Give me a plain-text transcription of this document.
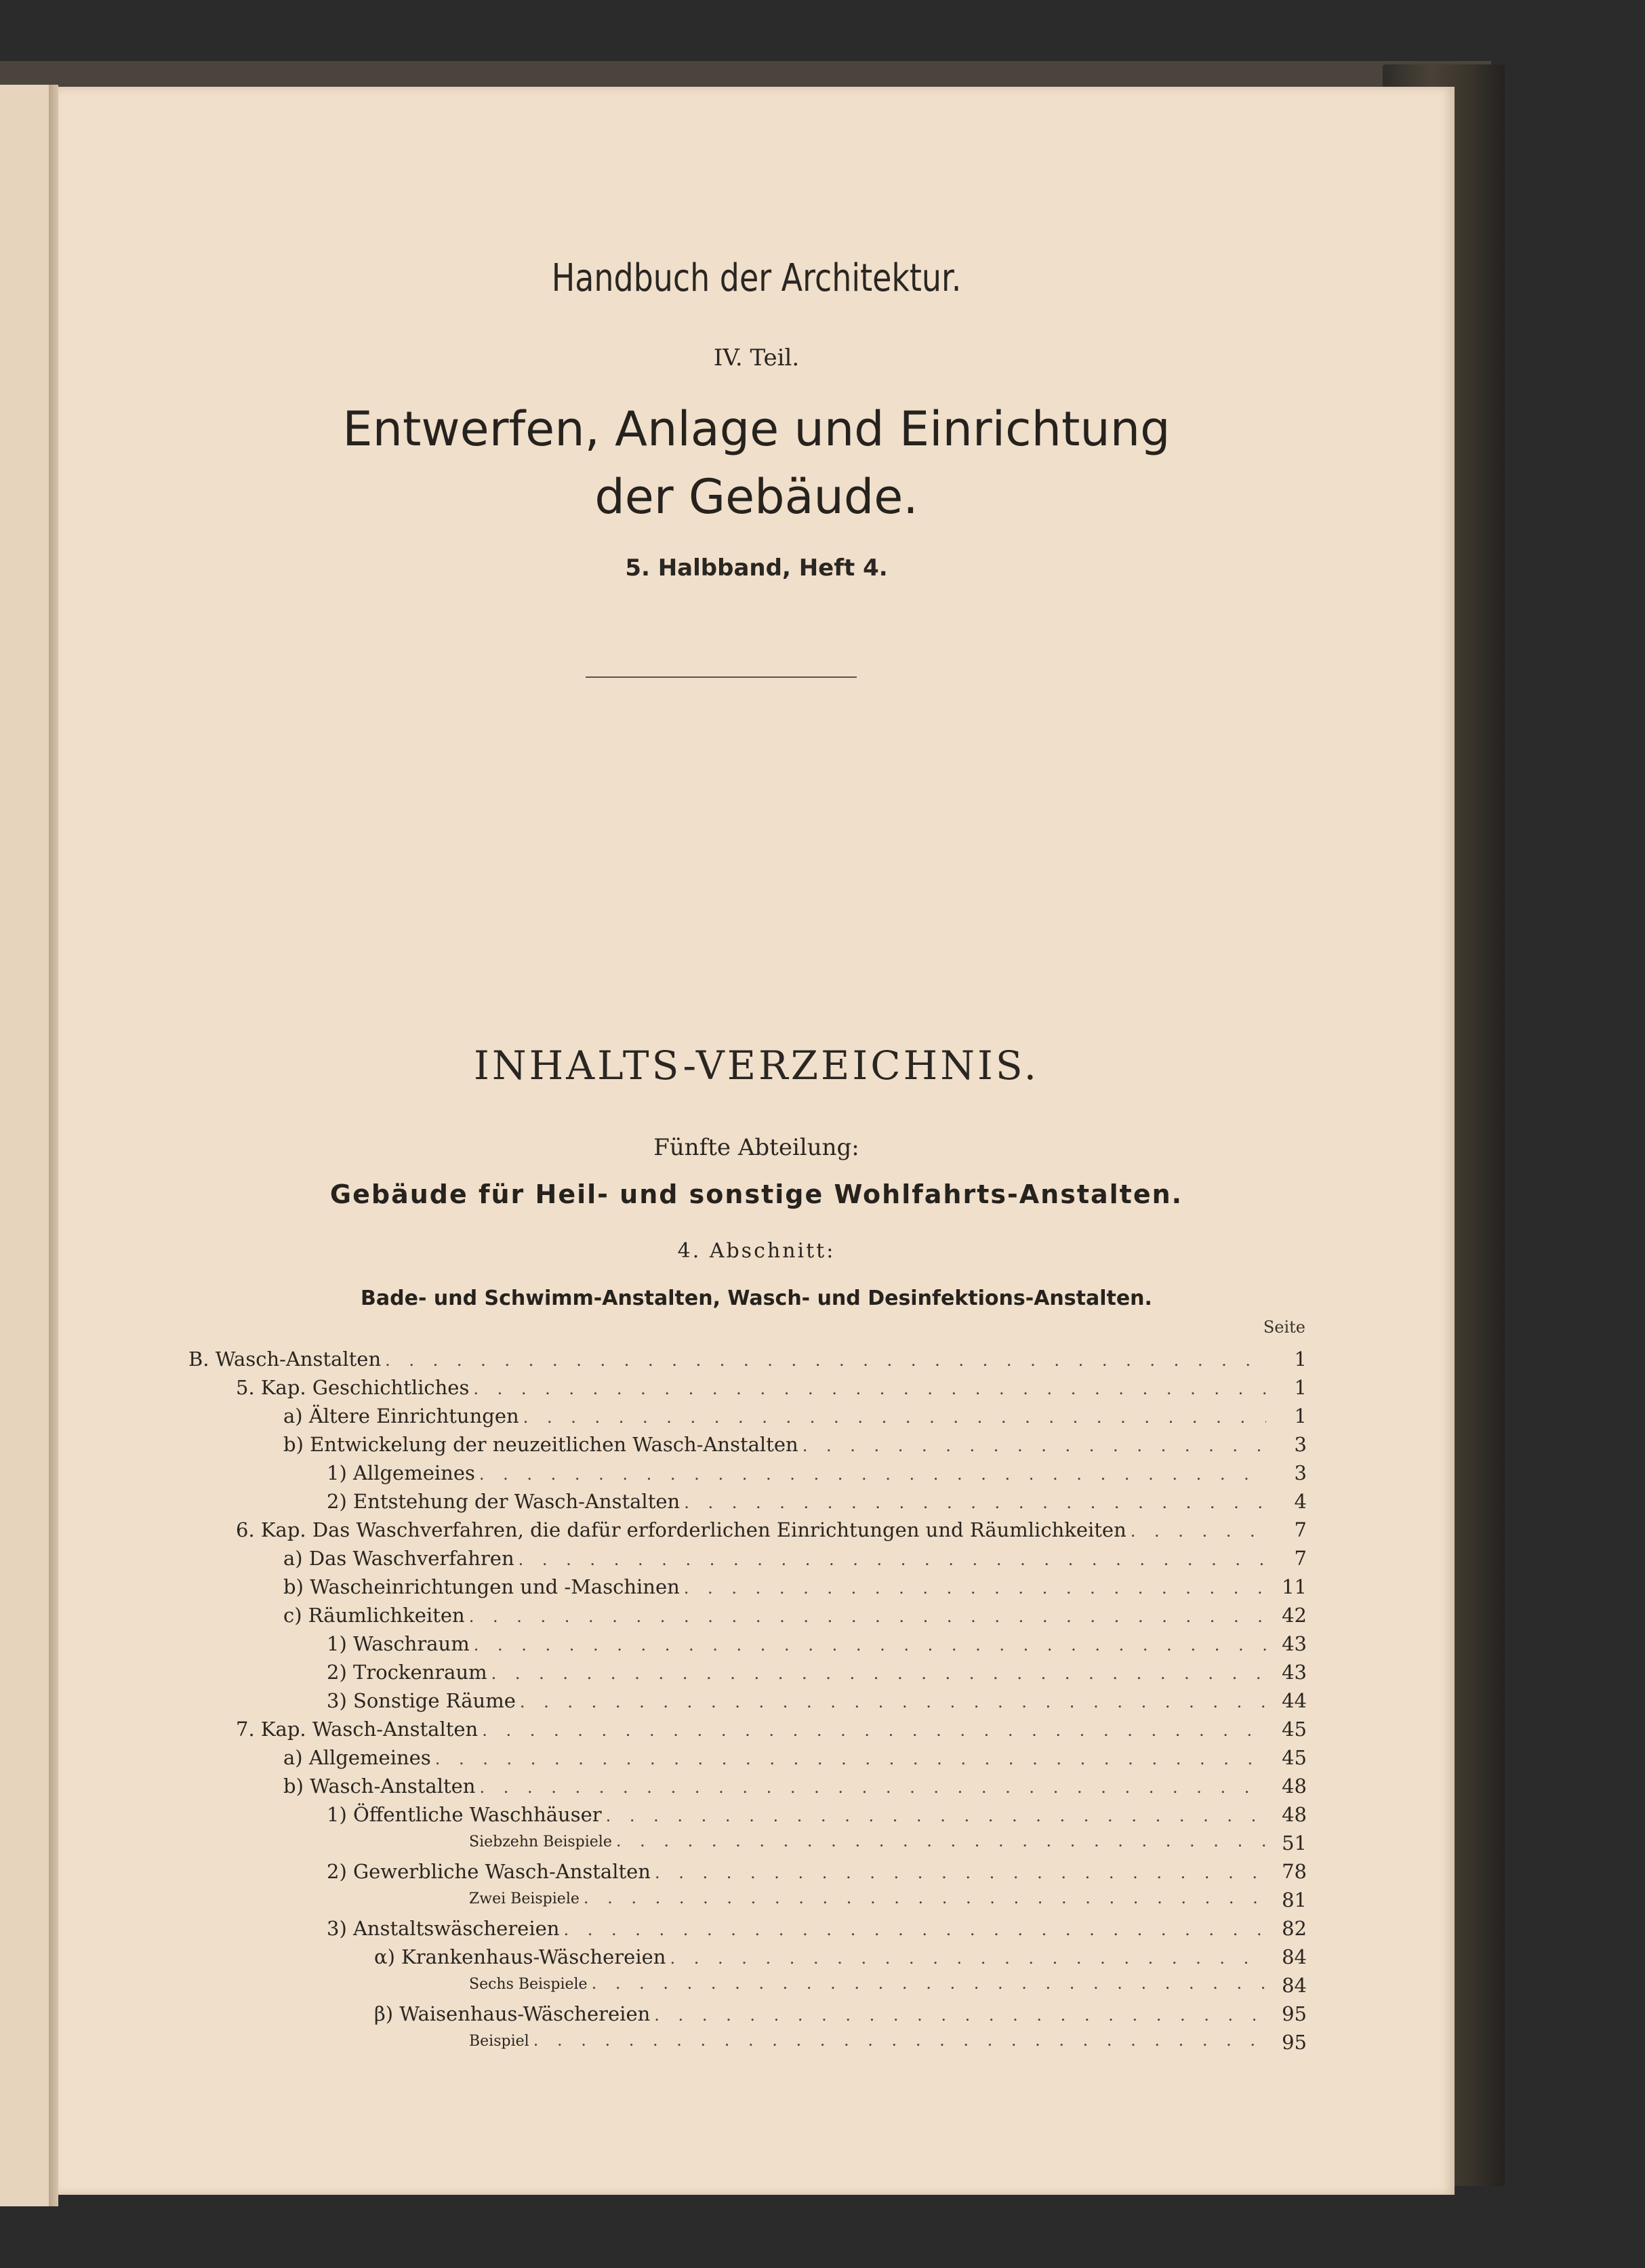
Handbuch der Architektur.
IV. Teil.
Entwerfen, Anlage und Einrichtung
der Gebäude.
5. Halbband, Heft 4.
INHALTS-VERZEICHNIS.
Fünfte Abteilung:
Gebäude für Heil- und sonstige Wohlfahrts-Anstalten.
4. Abschnitt:
Bade- und Schwimm-Anstalten, Wasch- und Desinfektions-Anstalten.
Seite
B. Wasch-Anstalten . . .	1
5. Kap. Geschichtliches . . .	1
a) Ältere Einrichtungen . . .	1
b) Entwickelung der neuzeitlichen Wasch-Anstalten . . .	3
1) Allgemeines . . .	3
2) Entstehung der Wasch-Anstalten . . .	4
6. Kap. Das Waschverfahren, die dafür erforderlichen Einrichtungen und Räumlichkeiten . . .	7
a) Das Waschverfahren . . .	7
b) Wascheinrichtungen und -Maschinen . . .	11
c) Räumlichkeiten . . .	42
1) Waschraum . . .	43
2) Trockenraum . . .	43
3) Sonstige Räume . . .	44
7. Kap. Wasch-Anstalten . . .	45
a) Allgemeines . . .	45
b) Wasch-Anstalten . . .	48
1) Öffentliche Waschhäuser . . .	48
Siebzehn Beispiele . . .	51
2) Gewerbliche Wasch-Anstalten . . .	78
Zwei Beispiele . . .	81
3) Anstaltswäschereien . . .	82
α) Krankenhaus-Wäschereien . . .	84
Sechs Beispiele . . .	84
β) Waisenhaus-Wäschereien . . .	95
Beispiel . . .	95
